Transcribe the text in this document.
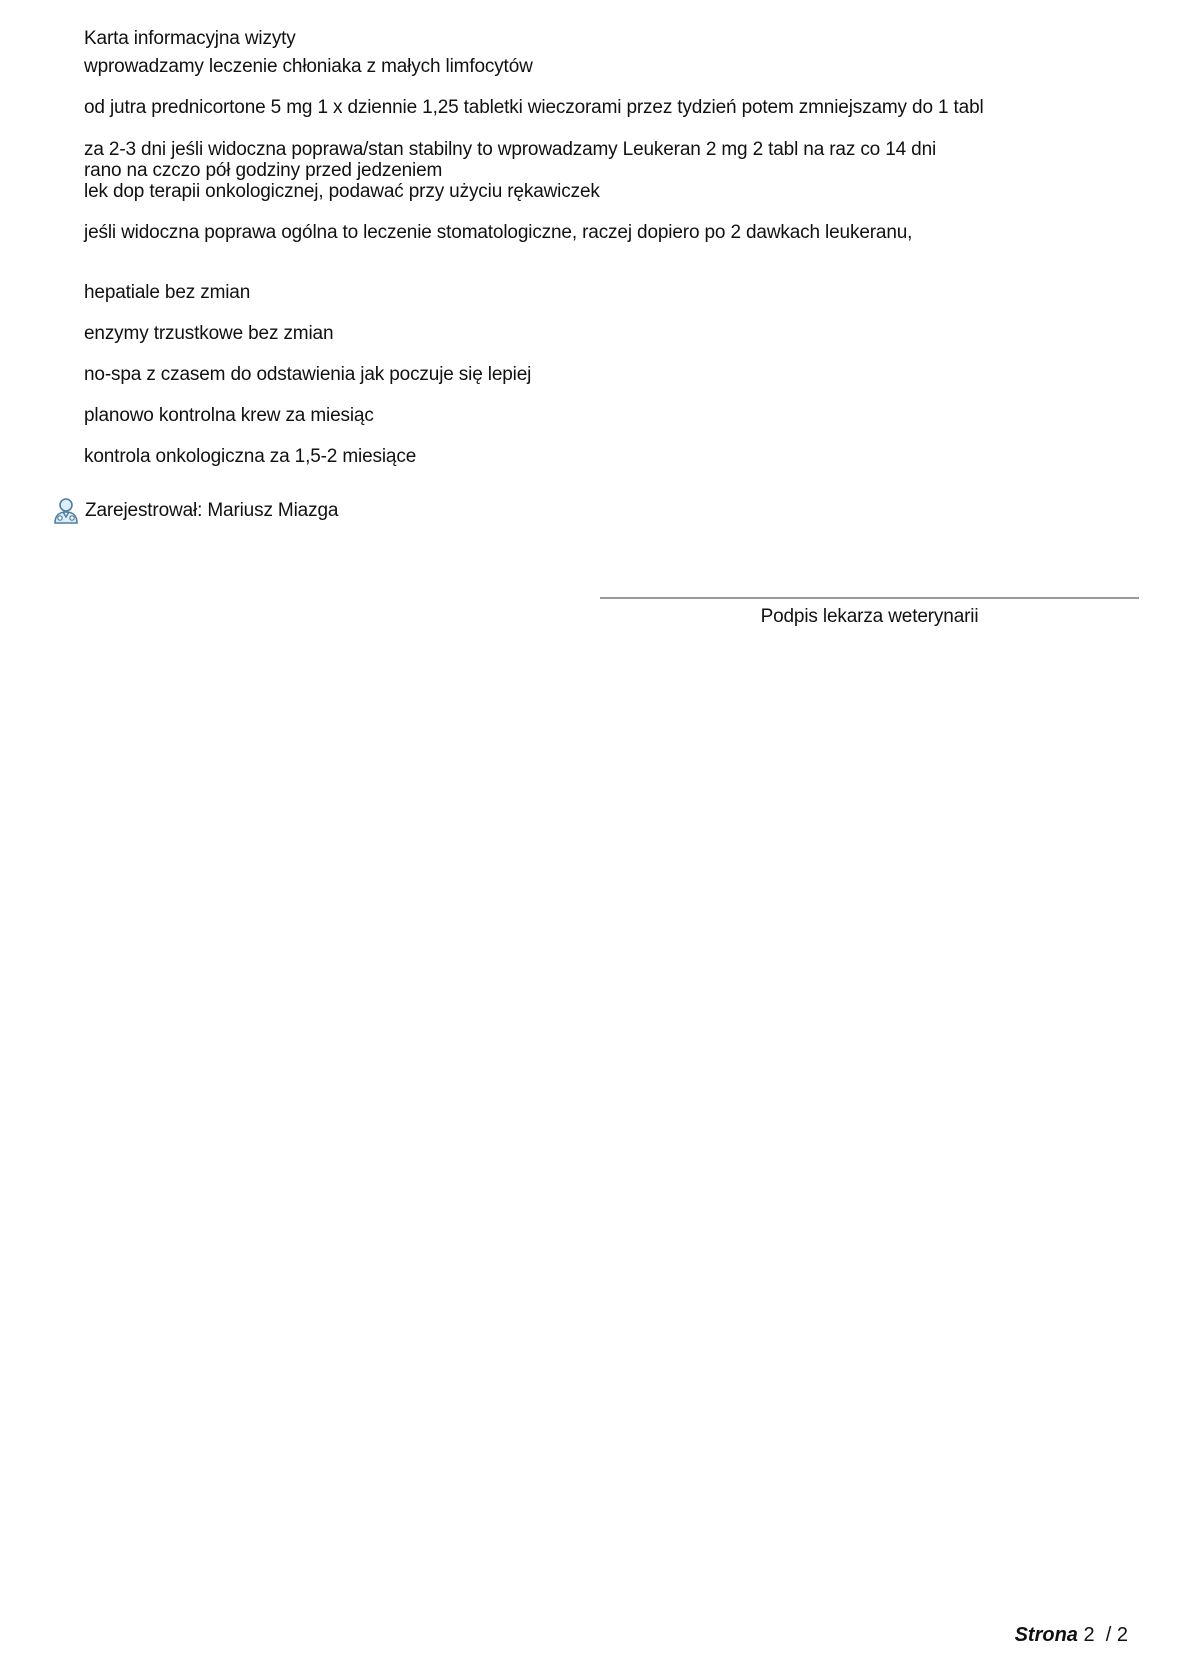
Karta informacyjna wizyty
wprowadzamy leczenie chłoniaka z małych limfocytów
od jutra prednicortone 5 mg 1 x dziennie 1,25 tabletki wieczorami przez tydzień potem zmniejszamy do 1 tabl
za 2-3 dni jeśli widoczna poprawa/stan stabilny to wprowadzamy Leukeran 2 mg 2 tabl na raz co 14 dni
rano na czczo pół godziny przed jedzeniem
lek dop terapii onkologicznej, podawać przy użyciu rękawiczek
jeśli widoczna poprawa ogólna to leczenie stomatologiczne, raczej dopiero po 2 dawkach leukeranu,
hepatiale bez zmian
enzymy trzustkowe bez zmian
no-spa z czasem do odstawienia jak poczuje się lepiej
planowo kontrolna krew za miesiąc
kontrola onkologiczna za 1,5-2 miesiące
Zarejestrował: Mariusz Miazga
Podpis lekarza weterynarii
Strona 2 / 2
